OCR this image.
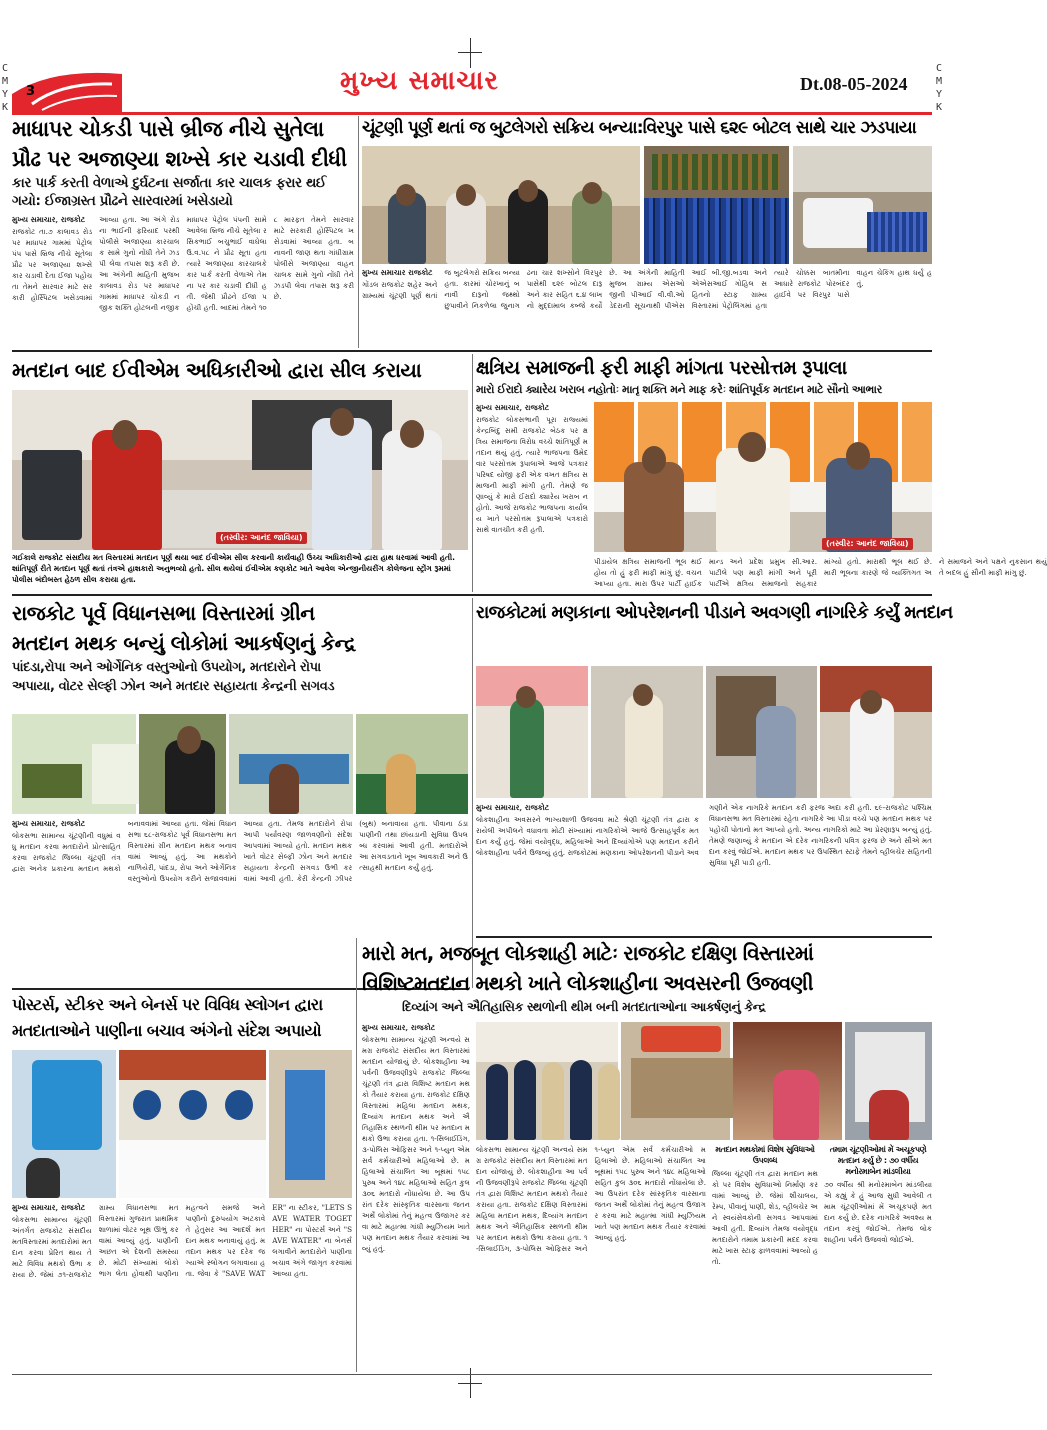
C
M
Y
K
C
M
Y
K
3	મુખ્ય સમાચાર	Dt.08-05-2024
માધાપર ચોકડી પાસે બ્રીજ નીચે સુતેલા
પ્રૌઢ પર અજાણ્યા શખ્સે કાર ચડાવી દીધી
કાર પાર્ક કરતી વેળાએ દુર્ઘટના સર્જાતા કાર ચાલક ફરાર થઈ ગયો: ઈજાગ્રસ્ત પ્રૌઢને સારવારમાં ખસેડાયો
મુખ્ય સમાચાર, રાજકોટ
રાજકોટ તા.૭ કાલાવડ રોડ પર માધાપર ગામમાં પેટ્રોલ પંપ પાસે બ્રિજ નીચે સૂતેલા પ્રૌઢ પર અજાણ્યા શખ્સે કાર ચડાવી દેતા ઈજા પહોંચતા તેમને સારવાર માટે સરકારી હોસ્પિટલ ખસેડવામાં આવ્યા હતા. આ અંગે રોડના ભાઈની ફરિયાદ પરથી પોલીસે અજાણ્યા કારચાલક સામે ગુનો નોંધી તેને ઝડપી લેવા તપાસ શરૂ કરી છે. આ અંગેની માહિતી મુજબ કાલાવડ રોડ પર માધાપર ગામમાં માધાપર ચોકડી નજીક શક્તિ હોટલની નજીક માધાપર પેટ્રોલ પંપની સામે આવેલા બ્રિજ નીચે સૂતેલા રસિકભાઈ બચુભાઈ વાઘેલા ઉ.વ.૫૮ ને પ્રૌઢ સૂતા હતા ત્યારે અજાણ્યા કારચાલકે કાર પાર્ક કરતી વેળાએ તેમના પર કાર ચડાવી દીધી હતી. જેથી પ્રૌઢને ઈજા પહોંચી હતી. બાદમાં તેમને ૧૦૮ મારફત તેમને સારવાર માટે સરકારી હોસ્પિટલ ખસેડવામાં આવ્યા હતા. બનાવની જાણ થતા ગાંધીગ્રામ પોલીસે અજાણ્યા વાહન ચાલક સામે ગુનો નોંધી તેને ઝડપી લેવા તપાસ શરૂ કરી છે.
ચૂંટણી પૂર્ણ થતાં જ બુટલેગરો સક્રિય બન્યા:વિરપુર પાસે ૬૨૯ બોટલ સાથે ચાર ઝડપાયા
મુખ્ય સમાચાર રાજકોટ
ગોંડલ રાજકોટ શહેર અને ગ્રામ્યમાં ચૂંટણી પૂર્ણ થતાં જ બુટલેગરો સક્રિય બન્યા હતા. કારમાં ચોરખાનું બનાવી દારૂનો જથ્થો છુપાવીને નિકળેલા જુનાગઢના ચાર શખ્સોને વિરપુર પાસેથી ૬૨૯ બોટલ દારૂ અને કાર સહિત ૬.૪ લાખનો મુદ્દામાલ કબ્જે કર્યો છે. આ અંગેની માહિતી મુજબ ગ્રામ્ય એસઓજીની પીઆઈ વી.વી.ઓડેદરાની સૂચનાથી પીએસઆઈ બી.જી.બડવા અને એએસઆઈ ગોહિલ સહિતનો સ્ટાફ ગ્રામ્ય વિસ્તારમાં પેટ્રોલિંગમાં હતા ત્યારે ચોક્કસ બાતમીના આધારે રાજકોટ પોરબંદર હાઈવે પર વિરપુર પાસે વાહન ચેકિંગ હાથ ધર્યું હતું.
મતદાન બાદ ઈવીએમ અધિકારીઓ દ્વારા સીલ કરાયા
(તસ્વીર: આનંદ જાવિયા)
ગઈકાલે રાજકોટ સંસદીય મત વિસ્તારમાં મતદાન પૂર્ણ થયા બાદ ઈવીએમ સીલ કરવાની કાર્યવાહી ઉચ્ચ અધિકારીઓ દ્વારા હાથ ધરવામાં આવી હતી. શાંતિપૂર્ણ રીતે મતદાન પૂર્ણ થતાં તંત્રએ હાશકારો અનુભવ્યો હતો. સીલ થયેલાં ઈવીએમ કણકોટ ખાતે આવેલ એન્જીનીયરીંગ કોલેજના સ્ટ્રોંગ રૂમમાં પોલીસ બંદોબસ્ત હેઠળ સીલ કરાયા હતા.
ક્ષત્રિય સમાજની ફરી માફી માંગતા પરસોત્તમ રૂપાલા
મારો ઈરાદો ક્યારેય ખરાબ નહોતોઃ માતૃ શક્તિ મને માફ કરેઃ શાંતિપૂર્વક મતદાન માટે સૌનો આભાર
મુખ્ય સમાચાર, રાજકોટ
રાજકોટ લોકસભાની પૂરા રાજ્યમાં કેન્દ્રબિંદુ સમી રાજકોટ બેઠક પર ક્ષત્રિય સમાજના વિરોધ વચ્ચે શાંતિપૂર્ણ મતદાન થયું હતું. ત્યારે ભાજપના ઉમેદવાર પરસોત્તમ રૂપાલાએ આજે પત્રકાર પરિષદ યોજી ફરી એક વખત ક્ષત્રિય સમાજની માફી માંગી હતી. તેમણે જણાવ્યું કે મારો ઈરાદો ક્યારેય ખરાબ નહોતો. આજે રાજકોટ ભાજપના કાર્યાલય ખાતે પરસોત્તમ રૂપાલાએ પત્રકારો સાથે વાતચીત કરી હતી.
(તસ્વીર: આનંદ જાવિયા)
પીડાયેલ ક્ષત્રિય સમાજની ભૂલ થઈ હોય તો હું ફરી માફી માંગું છું. વચન આપ્યા હતા. મારા ઉપર પાર્ટી હાઈકમાન્ડ અને પ્રદેશ પ્રમુખ સી.આર. પાટીલે પણ માફી માંગી અને પૂરી પાર્ટીએ ક્ષત્રિય સમાજનો સહકાર માંગ્યો હતો. મારાથી ભૂલ થઈ છે. મારી ભૂલના કારણે જે વ્યક્તિગત અને સમાજને અને પક્ષને નુકસાન થયું તે બદલ હું સૌની માફી માંગુ છું.
રાજકોટ પૂર્વ વિધાનસભા વિસ્તારમાં ગ્રીન
મતદાન મથક બન્યું લોકોમાં આકર્ષણનું કેન્દ્ર
પાંદડા,રોપા અને ઓર્ગેનિક વસ્તુઓનો ઉપયોગ, મતદારોને રોપા
અપાયા, વોટર સેલ્ફી ઝોન અને મતદાર સહાયતા કેન્દ્રની સગવડ
મુખ્ય સમાચાર, રાજકોટ
લોકસભા સામાન્ય ચૂંટણીની વધુમાં વધુ મતદાન કરવા મતદારોને પ્રોત્સાહિત કરવા રાજકોટ જિલ્લા ચૂંટણી તંત્ર દ્વારા અનેક પ્રકારના મતદાન મથકો બનાવવામાં આવ્યા હતા. જેમાં વિધાનસભા ૬૮-રાજકોટ પૂર્વ વિધાનસભા મત વિસ્તારમાં ગ્રીન મતદાન મથક બનાવવામાં આવ્યું હતું. આ મથકોને નાળિયેરી, પાંદડા, રોપા અને ઓર્ગેનિક વસ્તુઓનો ઉપયોગ કરીને સજાવવામાં આવ્યા હતા. તેમજ મતદારોને રોપા આપી પર્યાવરણ જાળવણીનો સંદેશ આપવામાં આવ્યો હતો. મતદાન મથક ખાતે વોટર સેલ્ફી ઝોન અને મતદાર સહાયતા કેન્દ્રની સગવડ ઉભી કરવામાં આવી હતી. કેરી કેન્દ્રની ઝીપર (બુથ) બનાવાયા હતા. પીવાના ઠંડા પાણીની તથા છાંયડાની સુવિધા ઉપલબ્ધ કરવામાં આવી હતી. મતદારોએ આ સગવડતાને ખૂબ આવકારી અને ઉત્સાહથી મતદાન કર્યું હતું.
રાજકોટમાં મણકાના ઓપરેશનની પીડાને અવગણી નાગરિકે કર્યું મતદાન
મુખ્ય સમાચાર, રાજકોટ
લોકશાહીના અવસરને ભાગ્યશાળી ઉજવવા માટે શ્રેણી ચૂંટણી તંત્ર દ્વારા કરાયેલી અપીલને વધાવતા મોટી સંખ્યામાં નાગરિકોએ આજે ઉત્સાહપૂર્વક મતદાન કર્યું હતું. જેમાં વયોવૃદ્ધ, મહિલાઓ અને દિવ્યાંગોએ પણ મતદાન કરીને લોકશાહીના પર્વને ઉજવ્યું હતું. રાજકોટમાં મણકાના ઓપરેશનની પીડાને અવગણીને એક નાગરિકે મતદાન કરી ફરજ અદા કરી હતી. ૬૯-રાજકોટ પશ્ચિમ વિધાનસભા મત વિસ્તારમાં રહેતા નાગરિકે આ પીડા વચ્ચે પણ મતદાન મથક પર પહોંચી પોતાનો મત આપ્યો હતો. અન્ય નાગરિકો માટે આ પ્રેરણારૂપ બન્યું હતું. તેમણે જણાવ્યું કે મતદાન એ દરેક નાગરિકની પવિત્ર ફરજ છે અને સૌએ મતદાન કરવું જોઈએ. મતદાન મથક પર ઉપસ્થિત સ્ટાફે તેમને વ્હીલચેર સહિતની સુવિધા પૂરી પાડી હતી.
પોસ્ટર્સ, સ્ટીકર અને બેનર્સ પર વિવિધ સ્લોગન દ્વારા
મતદાતાઓને પાણીના બચાવ અંગેનો સંદેશ અપાયો
મુખ્ય સમાચાર, રાજકોટ
લોકસભા સામાન્ય ચૂંટણી અંતર્ગત રાજકોટ સંસદીય મતવિસ્તારમાં મતદારોમાં મતદાન કરવા પ્રેરિત થાય તે માટે વિવિધ મથકો ઉભા કરાયા છે. જેમાં ૭૧-રાજકોટ ગ્રામ્ય વિધાનસભા મતવિસ્તારમાં ગુજરાત પ્રાથમિક શાળામાં વોટર બૂથ ઊભું કરવામાં આવ્યું હતું. પાણીની અછત એ દેશની સમસ્યા છે. મોટી સંખ્યામાં લોકો ભાગ લેતા હોવાથી પાણીના મહત્વને સમજે અને પાણીનો દુરુપયોગ અટકાવે તે હેતુસર આ આદર્શ મતદાન મથક બનાવાયું હતું. મતદાન મથક પર દરેક જગ્યાએ સ્લોગન લગાવાયા હતા. જેવા કે "SAVE WATER" ના સ્ટીકર, "LETS SAVE WATER TOGETHER" ના પોસ્ટર્સ અને "SAVE WATER" ના બેનર્સ લગાવીને મતદારોને પાણીના બચાવ અંગે જાગૃત કરવામાં આવ્યા હતા.
મારો મત, મજબૂત લોકશાહી માટેઃ રાજકોટ દક્ષિણ વિસ્તારમાં
વિશિષ્ટમતદાન મથકો ખાતે લોકશાહીના અવસરની ઉજવણી
દિવ્યાંગ અને ઐતિહાસિક સ્થળોની થીમ બની મતદાતાઓના આકર્ષણનું કેન્દ્ર
મુખ્ય સમાચાર, રાજકોટ
લોકસભા સામાન્ય ચૂંટણી અન્વયે સમગ્ર રાજકોટ સંસદીય મત વિસ્તારમાં મતદાન યોજાયું છે. લોકશાહીના આ પર્વની ઉજવણીરૂપે રાજકોટ જિલ્લા ચૂંટણી તંત્ર દ્વારા વિશિષ્ટ મતદાન મથકો તૈયાર કરાયા હતા. રાજકોટ દક્ષિણ વિસ્તારમાં મહિલા મતદાન મથક, દિવ્યાંગ મતદાન મથક અને ઐતિહાસિક સ્થળની થીમ પર મતદાન મથકો ઉભા કરાયા હતા. ૧-સિલાઈડિંગ, ૩-પોલિસ ઓફિસર અને ૧-પ્યુન એમ સર્વ કર્મચારીઓ મહિલાઓ છે. મહિલાઓ સંચાલિત આ બૂથમાં ૧૫૮ પુરુષ અને ૧૪૮ મહિલાઓ સહિત કુલ ૩૦૬ મતદારો નોંધાયેલા છે. આ ઉપરાંત દરેક સાંસ્કૃતિક વારસાના જતન અર્થે લોકોમાં તેનું મહત્વ ઉજાગર કરવા માટે મહાત્મા ગાંધી મ્યુઝિયમ ખાતે પણ મતદાન મથક તૈયાર કરવામાં આવ્યું હતું.
લોકસભા સામાન્ય ચૂંટણી અન્વયે સમગ્ર રાજકોટ સંસદીય મત વિસ્તારમાં મતદાન યોજાયું છે. લોકશાહીના આ પર્વની ઉજવણીરૂપે રાજકોટ જિલ્લા ચૂંટણી તંત્ર દ્વારા વિશિષ્ટ મતદાન મથકો તૈયાર કરાયા હતા. રાજકોટ દક્ષિણ વિસ્તારમાં મહિલા મતદાન મથક, દિવ્યાંગ મતદાન મથક અને ઐતિહાસિક સ્થળની થીમ પર મતદાન મથકો ઉભા કરાયા હતા. ૧-સિલાઈડિંગ, ૩-પોલિસ ઓફિસર અને ૧-પ્યુન એમ સર્વ કર્મચારીઓ મહિલાઓ છે. મહિલાઓ સંચાલિત આ બૂથમાં ૧૫૮ પુરુષ અને ૧૪૮ મહિલાઓ સહિત કુલ ૩૦૬ મતદારો નોંધાયેલા છે. આ ઉપરાંત દરેક સાંસ્કૃતિક વારસાના જતન અર્થે લોકોમાં તેનું મહત્વ ઉજાગર કરવા માટે મહાત્મા ગાંધી મ્યુઝિયમ ખાતે પણ મતદાન મથક તૈયાર કરવામાં આવ્યું હતું.
મતદાન મથકોમાં વિશેષ સુવિધાઓ ઉપલબ્ધ
જિલ્લા ચૂંટણી તંત્ર દ્વારા મતદાન મથકો પર વિશેષ સુવિધાઓ નિર્માણ કરવામાં આવ્યું છે. જેમાં શૌચાલય, રેમ્પ, પીવાનું પાણી, શેડ, વ્હીલચેર અને સ્વયંસેવકોની સગવડ આપવામાં આવી હતી. દિવ્યાંગ તેમજ વયોવૃદ્ધ મતદારોને તમામ પ્રકારની મદદ કરવા માટે ખાસ સ્ટાફ ફાળવવામાં આવ્યો હતો.
તમામ ચૂંટણીઓમાં મેં અચૂકપણે મતદાન કર્યુ છે : ૭૦ વર્ષીય મનોરમાબેન માંડલીયા
૭૦ વર્ષીય શ્રી મનોરમાબેન માંડલીયા એ કહ્યું કે હું આજ સુધી આવેલી તમામ ચૂંટણીઓમાં મેં અચૂકપણે મતદાન કર્યુ છે. દરેક નાગરિકે અવશ્ય મતદાન કરવું જોઈએ. તેમજ લોકશાહીના પર્વને ઉજવવો જોઈએ.
